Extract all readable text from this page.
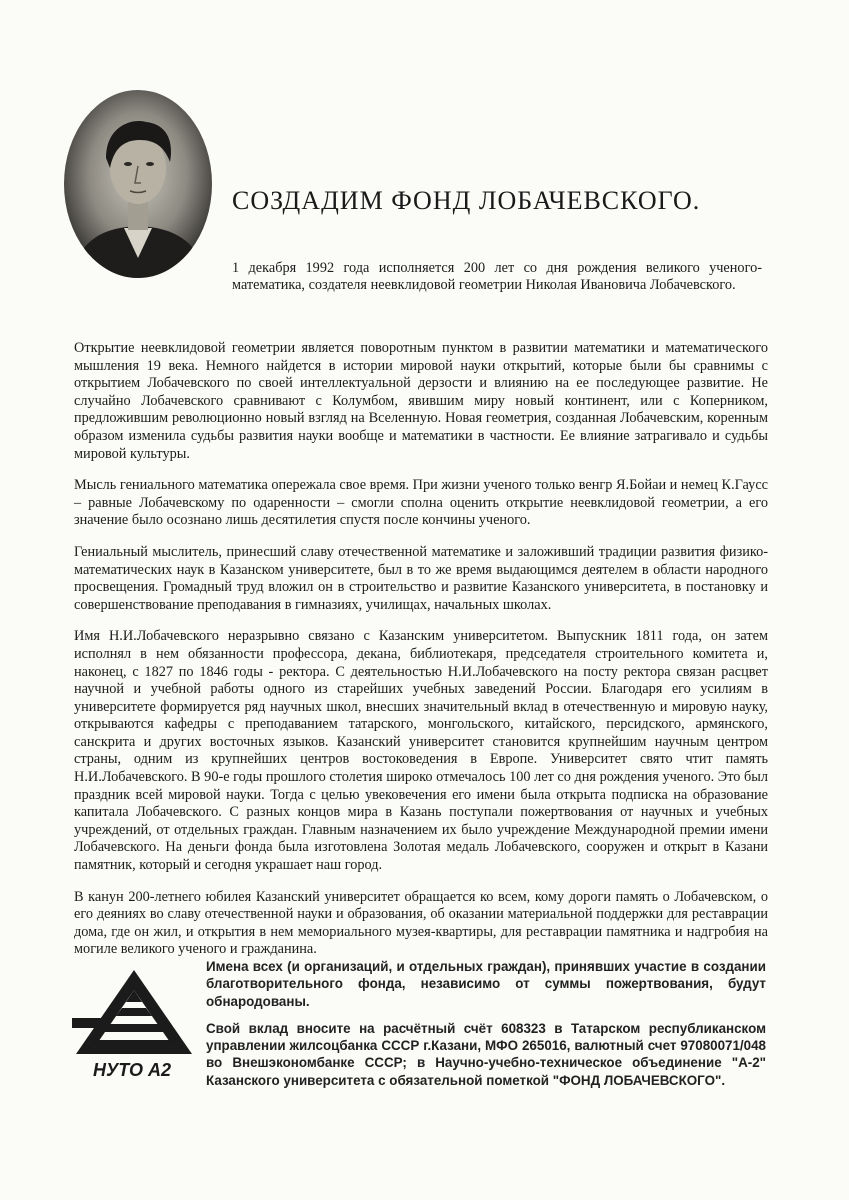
СОЗДАДИМ ФОНД ЛОБАЧЕВСКОГО.

1 декабря 1992 года исполняется 200 лет со дня рождения великого ученого-математика, создателя неевклидовой геометрии Николая Ивановича Лобачевского.

Открытие неевклидовой геометрии является поворотным пунктом в развитии математики и математического мышления 19 века. Немного найдется в истории мировой науки открытий, которые были бы сравнимы с открытием Лобачевского по своей интеллектуальной дерзости и влиянию на ее последующее развитие. Не случайно Лобачевского сравнивают с Колумбом, явившим миру новый континент, или с Коперником, предложившим революционно новый взгляд на Вселенную. Новая геометрия, созданная Лобачевским, коренным образом изменила судьбы развития науки вообще и математики в частности. Ее влияние затрагивало и судьбы мировой культуры.

Мысль гениального математика опережала свое время. При жизни ученого только венгр Я.Бойаи и немец К.Гаусс – равные Лобачевскому по одаренности – смогли сполна оценить открытие неевклидовой геометрии, а его значение было осознано лишь десятилетия спустя после кончины ученого.

Гениальный мыслитель, принесший славу отечественной математике и заложивший традиции развития физико-математических наук в Казанском университете, был в то же время выдающимся деятелем в области народного просвещения. Громадный труд вложил он в строительство и развитие Казанского университета, в постановку и совершенствование преподавания в гимназиях, училищах, начальных школах.

Имя Н.И.Лобачевского неразрывно связано с Казанским университетом. Выпускник 1811 года, он затем исполнял в нем обязанности профессора, декана, библиотекаря, председателя строительного комитета и, наконец, с 1827 по 1846 годы - ректора. С деятельностью Н.И.Лобачевского на посту ректора связан расцвет научной и учебной работы одного из старейших учебных заведений России. Благодаря его усилиям в университете формируется ряд научных школ, внесших значительный вклад в отечественную и мировую науку, открываются кафедры с преподаванием татарского, монгольского, китайского, персидского, армянского, санскрита и других восточных языков. Казанский университет становится крупнейшим научным центром страны, одним из крупнейших центров востоковедения в Европе. Университет свято чтит память Н.И.Лобачевского. В 90-е годы прошлого столетия широко отмечалось 100 лет со дня рождения ученого. Это был праздник всей мировой науки. Тогда с целью увековечения его имени была открыта подписка на образование капитала Лобачевского. С разных концов мира в Казань поступали пожертвования от научных и учебных учреждений, от отдельных граждан. Главным назначением их было учреждение Международной премии имени Лобачевского. На деньги фонда была изготовлена Золотая медаль Лобачевского, сооружен и открыт в Казани памятник, который и сегодня украшает наш город.

В канун 200-летнего юбилея Казанский университет обращается ко всем, кому дороги память о Лобачевском, о его деяниях во славу отечественной науки и образования, об оказании материальной поддержки для реставрации дома, где он жил, и открытия в нем мемориального музея-квартиры, для реставрации памятника и надгробия на могиле великого ученого и гражданина.

НУТО А2

Имена всех (и организаций, и отдельных граждан), принявших участие в создании благотворительного фонда, независимо от суммы пожертвования, будут обнародованы.

Свой вклад вносите на расчётный счёт 608323 в Татарском республиканском управлении жилсоцбанка СССР г.Казани, МФО 265016, валютный счет 97080071/048 во Внешэкономбанке СССР; в Научно-учебно-техническое объединение "А-2" Казанского университета с обязательной пометкой "ФОНД ЛОБАЧЕВСКОГО".
